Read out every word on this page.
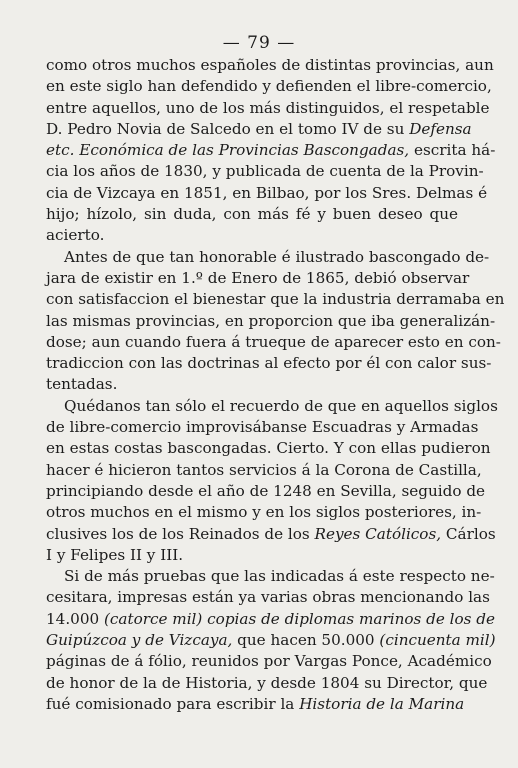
— 79 —
como otros muchos españoles de distintas provincias, aun
en este siglo han defendido y defienden el libre-comercio,
entre aquellos, uno de los más distinguidos, el respetable
D. Pedro Novia de Salcedo en el tomo IV de su Defensa
etc. Económica de las Provincias Bascongadas, escrita há-
cia los años de 1830, y publicada de cuenta de la Provin-
cia de Vizcaya en 1851, en Bilbao, por los Sres. Delmas é
hijo; hízolo, sin duda, con más fé y buen deseo que
acierto.
Antes de que tan honorable é ilustrado bascongado de-
jara de existir en 1.º de Enero de 1865, debió observar
con satisfaccion el bienestar que la industria derramaba en
las mismas provincias, en proporcion que iba generalizán-
dose; aun cuando fuera á trueque de aparecer esto en con-
tradiccion con las doctrinas al efecto por él con calor sus-
tentadas.
Quédanos tan sólo el recuerdo de que en aquellos siglos
de libre-comercio improvisábanse Escuadras y Armadas
en estas costas bascongadas. Cierto. Y con ellas pudieron
hacer é hicieron tantos servicios á la Corona de Castilla,
principiando desde el año de 1248 en Sevilla, seguido de
otros muchos en el mismo y en los siglos posteriores, in-
clusives los de los Reinados de los Reyes Católicos, Cárlos
I y Felipes II y III.
Si de más pruebas que las indicadas á este respecto ne-
cesitara, impresas están ya varias obras mencionando las
14.000 (catorce mil) copias de diplomas marinos de los de
Guipúzcoa y de Vizcaya, que hacen 50.000 (cincuenta mil)
páginas de á fólio, reunidos por Vargas Ponce, Académico
de honor de la de Historia, y desde 1804 su Director, que
fué comisionado para escribir la Historia de la Marina
